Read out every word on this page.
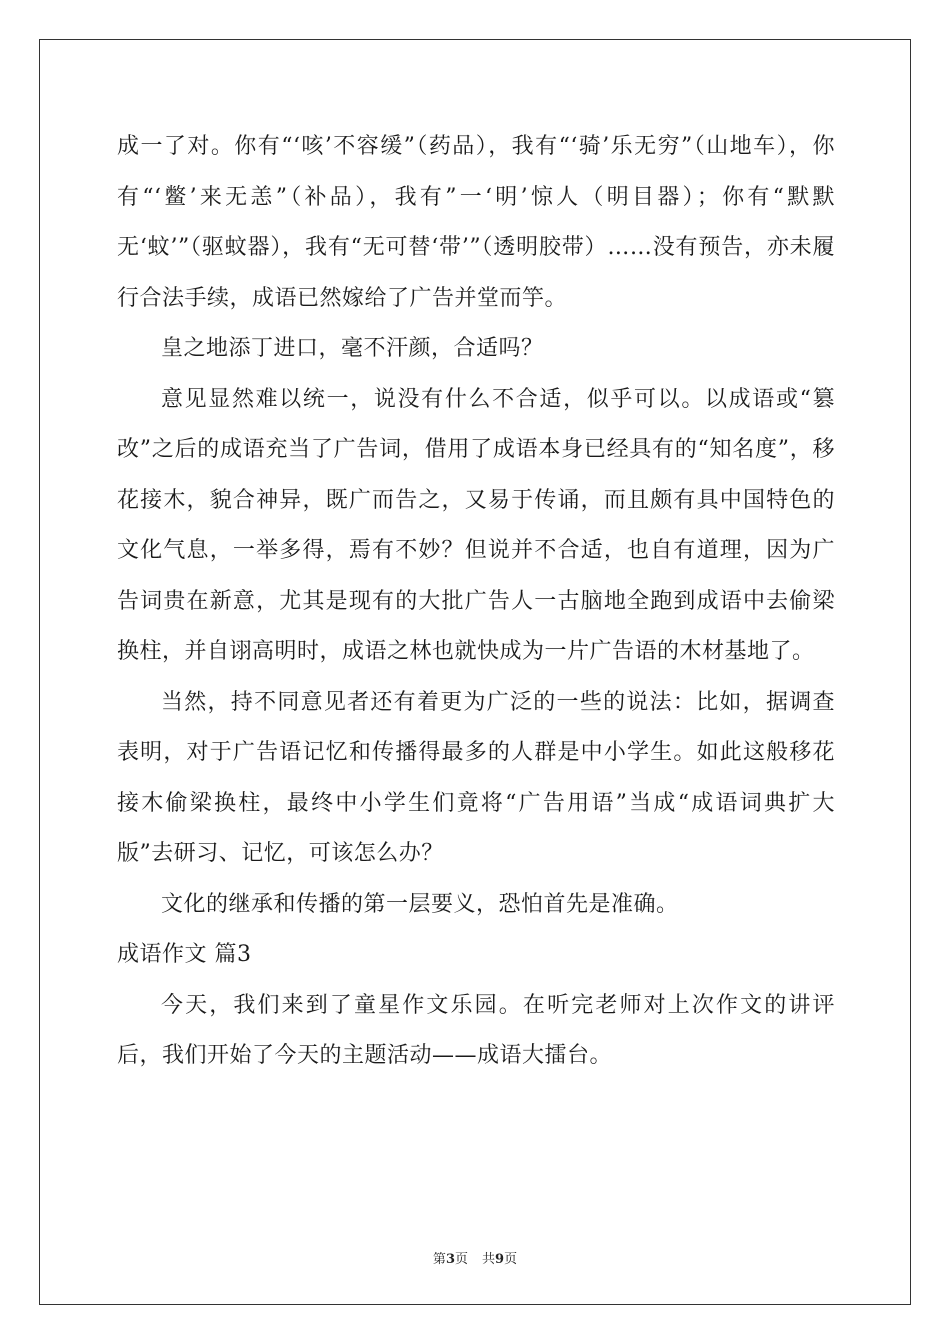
成一了对。你有“‘咳’不容缓”（药品），我有“‘骑’乐无穷”（山地车），你有“‘鳖’来无恙”（补品），我有”一‘明’惊人（明目器）；你有“默默无‘蚊’”（驱蚊器），我有“无可替‘带’”（透明胶带）……没有预告，亦未履行合法手续，成语已然嫁给了广告并堂而竽。

皇之地添丁进口，毫不汗颜，合适吗？

意见显然难以统一，说没有什么不合适，似乎可以。以成语或“篡改”之后的成语充当了广告词，借用了成语本身已经具有的“知名度”，移花接木，貌合神异，既广而告之，又易于传诵，而且颇有具中国特色的文化气息，一举多得，焉有不妙？但说并不合适，也自有道理，因为广告词贵在新意，尤其是现有的大批广告人一古脑地全跑到成语中去偷梁换柱，并自诩高明时，成语之林也就快成为一片广告语的木材基地了。

当然，持不同意见者还有着更为广泛的一些的说法：比如，据调查表明，对于广告语记忆和传播得最多的人群是中小学生。如此这般移花接木偷梁换柱，最终中小学生们竟将“广告用语”当成“成语词典扩大版”去研习、记忆，可该怎么办？

文化的继承和传播的第一层要义，恐怕首先是准确。

成语作文 篇3

今天，我们来到了童星作文乐园。在听完老师对上次作文的讲评后，我们开始了今天的主题活动——成语大擂台。

第3页 共9页
